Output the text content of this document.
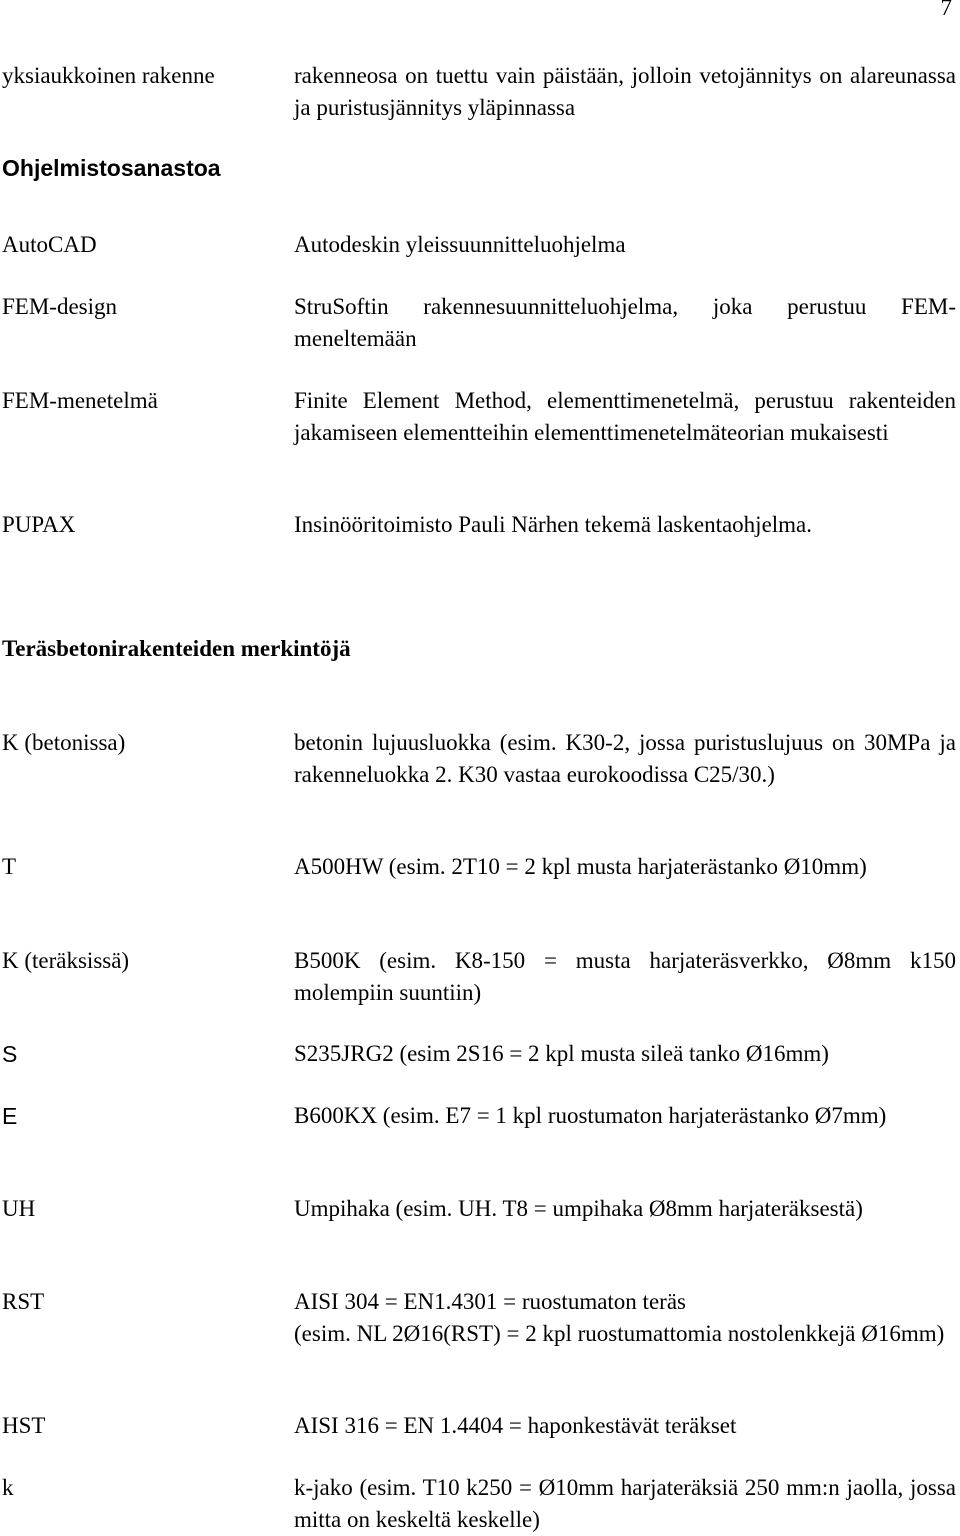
7
yksiaukkoinen rakenne	rakenneosa on tuettu vain päistään, jolloin vetojännitys on alareunassa ja puristusjännitys yläpinnassa
Ohjelmistosanastoa
AutoCAD	Autodeskin yleissuunnitteluohjelma
FEM-design	StruSoftin rakennesuunnitteluohjelma, joka perustuu FEM-meneltemään
FEM-menetelmä	Finite Element Method, elementtimenetelmä, perustuu rakenteiden jakamiseen elementteihin elementtimenetelmäteorian mukaisesti
PUPAX	Insinööritoimisto Pauli Närhen tekemä laskentaohjelma.
Teräsbetonirakenteiden merkintöjä
K (betonissa)	betonin lujuusluokka (esim. K30-2, jossa puristuslujuus on 30MPa ja rakenneluokka 2. K30 vastaa eurokoodissa C25/30.)
T	A500HW (esim. 2T10 = 2 kpl musta harjaterästanko Ø10mm)
K (teräksissä)	B500K (esim. K8-150 = musta harjateräsverkko, Ø8mm k150 molempiin suuntiin)
S	S235JRG2 (esim 2S16 = 2 kpl musta sileä tanko Ø16mm)
E	B600KX (esim. E7 = 1 kpl ruostumaton harjaterästanko Ø7mm)
UH	Umpihaka (esim. UH. T8 = umpihaka Ø8mm harjateräksestä)
RST	AISI 304 = EN1.4301 = ruostumaton teräs
(esim. NL 2Ø16(RST) = 2 kpl ruostumattomia nostolenkkejä Ø16mm)
HST	AISI 316 = EN 1.4404 = haponkestävät teräkset
k	k-jako (esim. T10 k250 = Ø10mm harjateräksiä 250 mm:n jaolla, jossa mitta on keskeltä keskelle)
